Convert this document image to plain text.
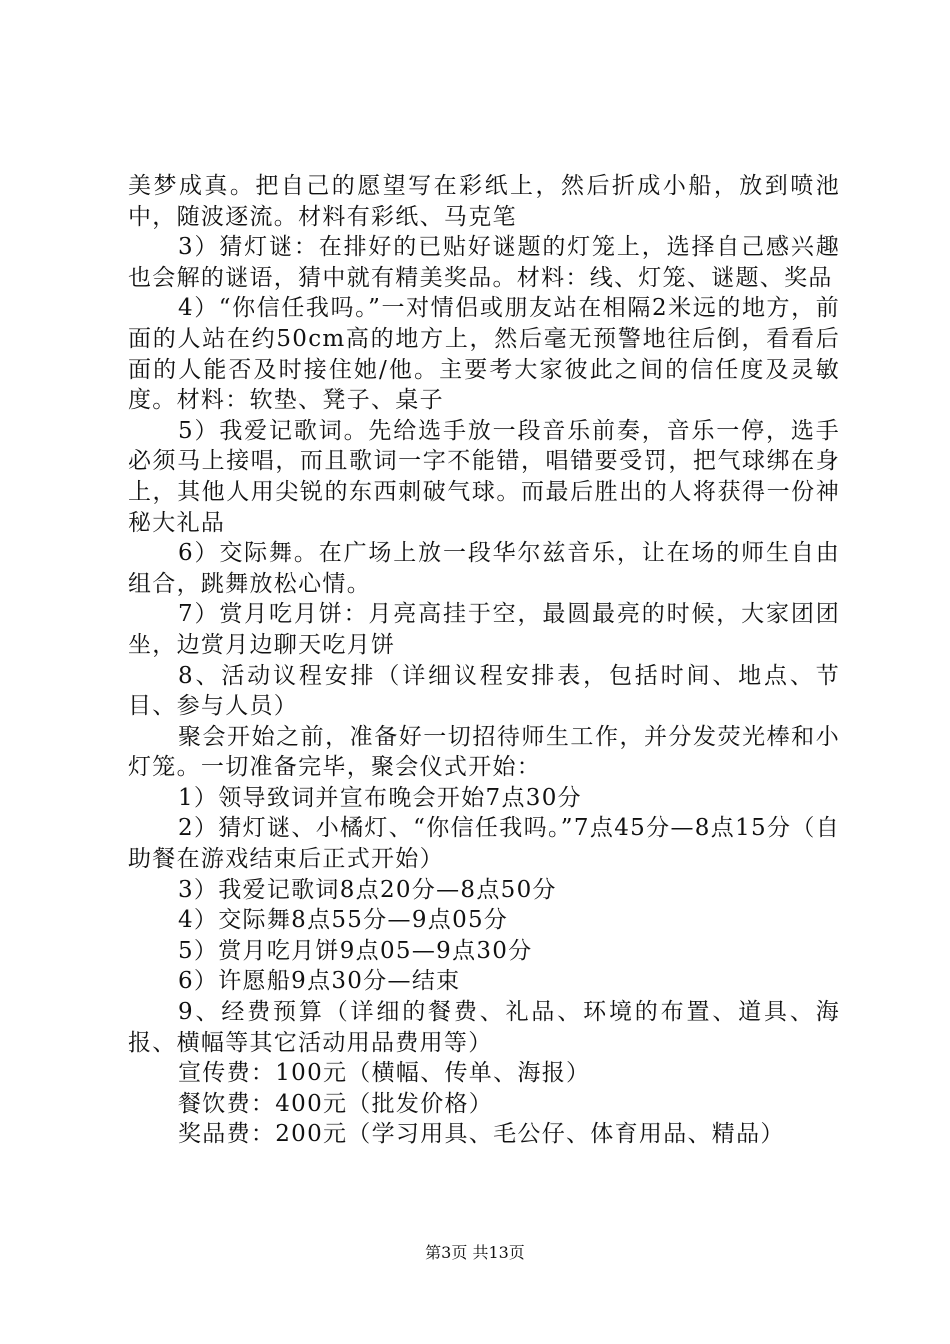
美梦成真。把自己的愿望写在彩纸上，然后折成小船，放到喷池中，随波逐流。材料有彩纸、马克笔

3）猜灯谜：在排好的已贴好谜题的灯笼上，选择自己感兴趣也会解的谜语，猜中就有精美奖品。材料：线、灯笼、谜题、奖品

4）“你信任我吗。”一对情侣或朋友站在相隔2米远的地方，前面的人站在约50cm高的地方上，然后毫无预警地往后倒，看看后面的人能否及时接住她/他。主要考大家彼此之间的信任度及灵敏度。材料：软垫、凳子、桌子

5）我爱记歌词。先给选手放一段音乐前奏，音乐一停，选手必须马上接唱，而且歌词一字不能错，唱错要受罚，把气球绑在身上，其他人用尖锐的东西刺破气球。而最后胜出的人将获得一份神秘大礼品

6）交际舞。在广场上放一段华尔兹音乐，让在场的师生自由组合，跳舞放松心情。

7）赏月吃月饼：月亮高挂于空，最圆最亮的时候，大家团团坐，边赏月边聊天吃月饼

8、活动议程安排（详细议程安排表，包括时间、地点、节目、参与人员）

聚会开始之前，准备好一切招待师生工作，并分发荧光棒和小灯笼。一切准备完毕，聚会仪式开始：

1）领导致词并宣布晚会开始7点30分

2）猜灯谜、小橘灯、“你信任我吗。”7点45分—8点15分（自助餐在游戏结束后正式开始）

3）我爱记歌词8点20分—8点50分

4）交际舞8点55分—9点05分

5）赏月吃月饼9点05—9点30分

6）许愿船9点30分—结束

9、经费预算（详细的餐费、礼品、环境的布置、道具、海报、横幅等其它活动用品费用等）

宣传费：100元（横幅、传单、海报）

餐饮费：400元（批发价格）

奖品费：200元（学习用具、毛公仔、体育用品、精品）

第3页 共13页
